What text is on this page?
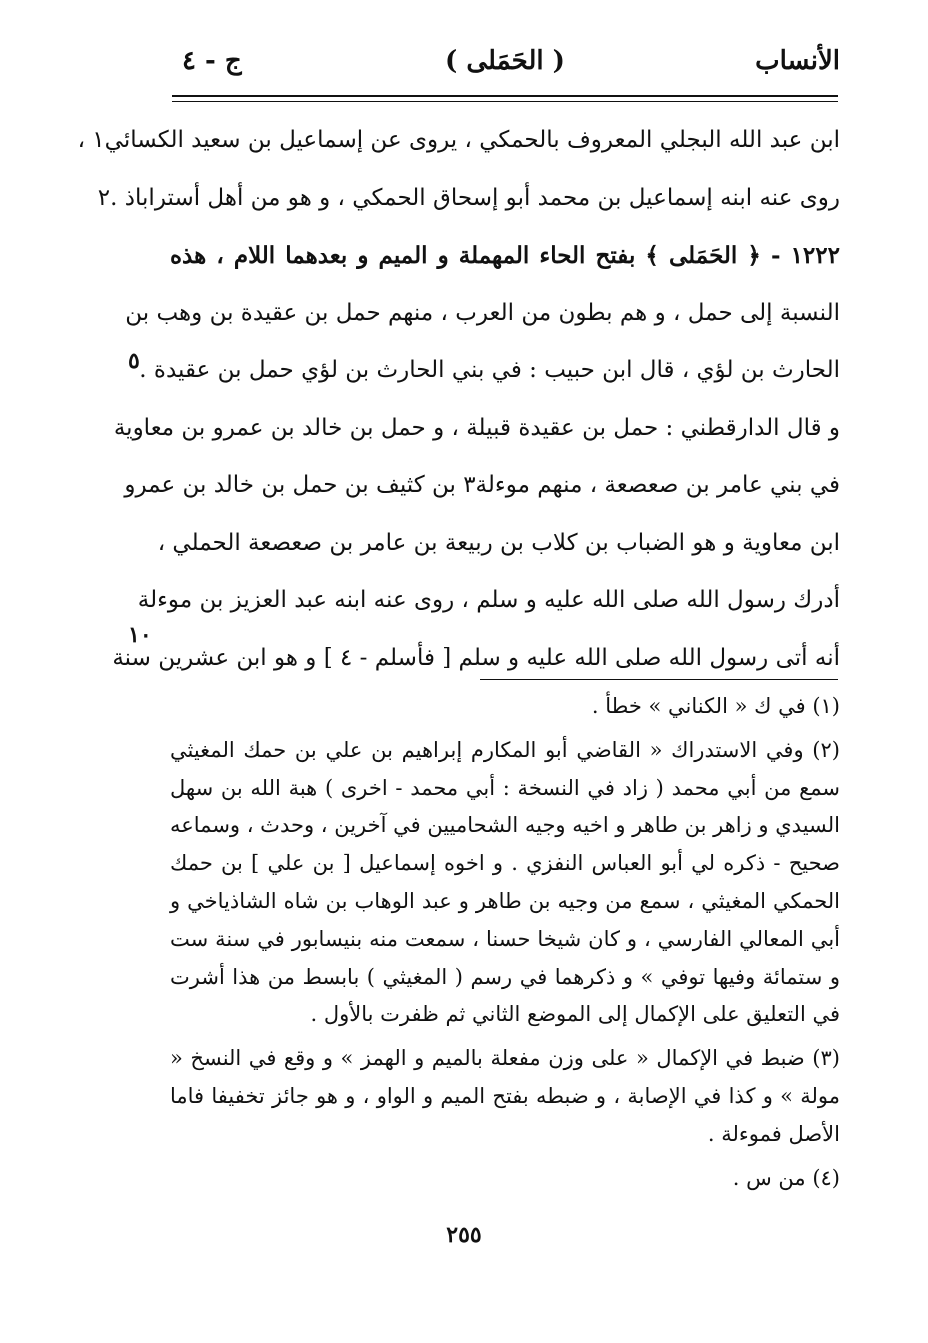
الأنساب
( الحَمَلى )
ج - ٤
ابن عبد الله البجلي المعروف بالحمكي ، يروى عن إسماعيل بن سعيد الكسائي١ ،
روى عنه ابنه إسماعيل بن محمد أبو إسحاق الحمكي ، و هو من أهل أستراباذ .٢
١٢٢٢ - ﴿ الحَمَلى ﴾ بفتح الحاء المهملة و الميم و بعدهما اللام ، هذه
النسبة إلى حمل ، و هم بطون من العرب ، منهم حمل بن عقيدة بن وهب بن
الحارث بن لؤي ، قال ابن حبيب : في بني الحارث بن لؤي حمل بن عقيدة .
و قال الدارقطني : حمل بن عقيدة قبيلة ، و حمل بن خالد بن عمرو بن معاوية
في بني عامر بن صعصعة ، منهم موءلة٣ بن كثيف بن حمل بن خالد بن عمرو
ابن معاوية و هو الضباب بن كلاب بن ربيعة بن عامر بن صعصعة الحملي ،
أدرك رسول الله صلى الله عليه و سلم ، روى عنه ابنه عبد العزيز بن موءلة
أنه أتى رسول الله صلى الله عليه و سلم [ فأسلم - ٤ ] و هو ابن عشرين سنة
٥
١٠
(١) في ك « الكناني » خطأ .
(٢) وفي الاستدراك « القاضي أبو المكارم إبراهيم بن علي بن حمك المغيثي سمع من أبي محمد ( زاد في النسخة : أبي محمد - اخرى ) هبة الله بن سهل السيدي و زاهر بن طاهر و اخيه وجيه الشحاميين في آخرين ، وحدث ، وسماعه صحيح - ذكره لي أبو العباس النفزي . و اخوه إسماعيل [ بن علي ] بن حمك الحمكي المغيثي ، سمع من وجيه بن طاهر و عبد الوهاب بن شاه الشاذياخي و أبي المعالي الفارسي ، و كان شيخا حسنا ، سمعت منه بنيسابور في سنة ست و ستمائة وفيها توفي » و ذكرهما في رسم ( المغيثي ) بابسط من هذا أشرت في التعليق على الإكمال إلى الموضع الثاني ثم ظفرت بالأول .
(٣) ضبط في الإكمال « على وزن مفعلة بالميم و الهمز » و وقع في النسخ « مولة » و كذا في الإصابة ، و ضبطه بفتح الميم و الواو ، و هو جائز تخفيفا فاما الأصل فموءلة .
(٤) من س .
٢٥٥
